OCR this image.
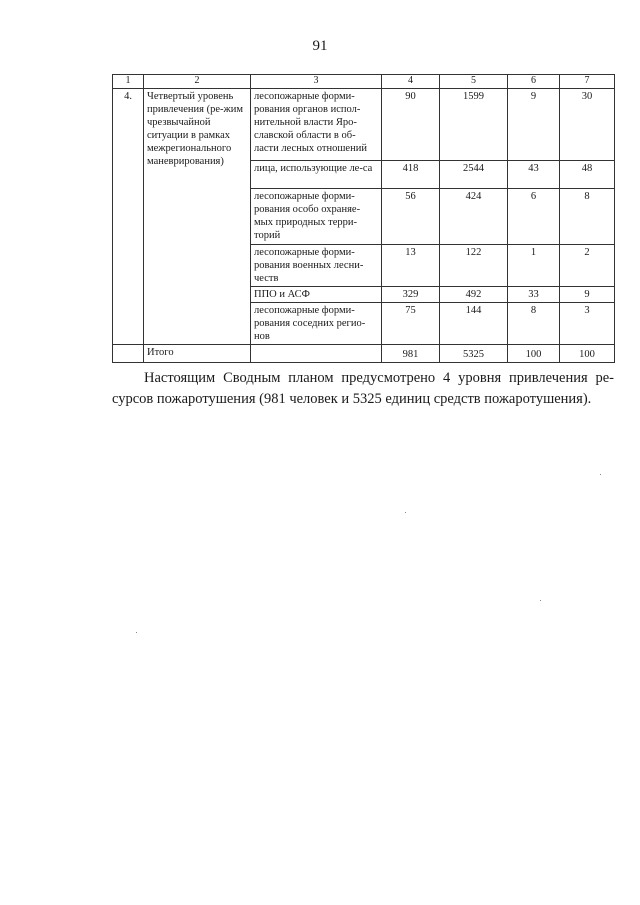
91
1	2	3	4	5	6	7
4.	Четвертый уровень привлечения (ре-жим чрезвычайной ситуации в рамках межрегионального маневрирования)	лесопожарные форми-рования органов испол-нительной власти Яро-славской области в об-ласти лесных отношений	90	1599	9	30
		лица, использующие ле-са	418	2544	43	48
		лесопожарные форми-рования особо охраняе-мых природных терри-торий	56	424	6	8
		лесопожарные форми-рования военных лесни-честв	13	122	1	2
		ППО и АСФ	329	492	33	9
		лесопожарные форми-рования соседних регио-нов	75	144	8	3
	Итого		981	5325	100	100

Настоящим Сводным планом предусмотрено 4 уровня привлечения ре-сурсов пожаротушения (981 человек и 5325 единиц средств пожаротушения).
